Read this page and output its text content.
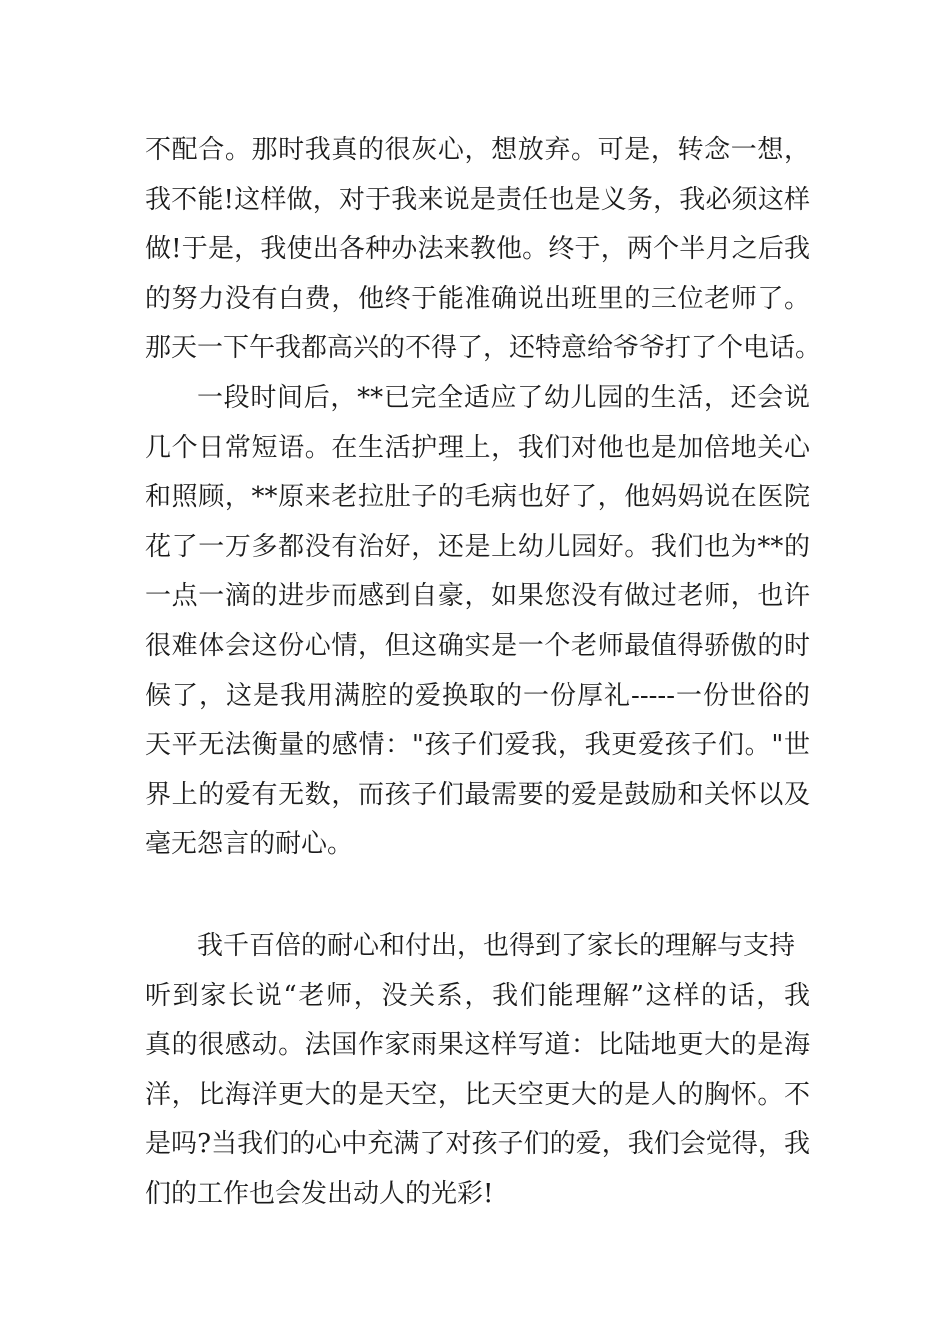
不配合。那时我真的很灰心，想放弃。可是，转念一想，
我不能!这样做，对于我来说是责任也是义务，我必须这样
做!于是，我使出各种办法来教他。终于，两个半月之后我
的努力没有白费，他终于能准确说出班里的三位老师了。
那天一下午我都高兴的不得了，还特意给爷爷打了个电话。
一段时间后，**已完全适应了幼儿园的生活，还会说
几个日常短语。在生活护理上，我们对他也是加倍地关心
和照顾，**原来老拉肚子的毛病也好了，他妈妈说在医院
花了一万多都没有治好，还是上幼儿园好。我们也为**的
一点一滴的进步而感到自豪，如果您没有做过老师，也许
很难体会这份心情，但这确实是一个老师最值得骄傲的时
候了，这是我用满腔的爱换取的一份厚礼-----一份世俗的
天平无法衡量的感情："孩子们爱我，我更爱孩子们。"世
界上的爱有无数，而孩子们最需要的爱是鼓励和关怀以及
毫无怨言的耐心。
我千百倍的耐心和付出，也得到了家长的理解与支持
听到家长说“老师，没关系，我们能理解”这样的话，我
真的很感动。法国作家雨果这样写道：比陆地更大的是海
洋，比海洋更大的是天空，比天空更大的是人的胸怀。不
是吗?当我们的心中充满了对孩子们的爱，我们会觉得，我
们的工作也会发出动人的光彩!
